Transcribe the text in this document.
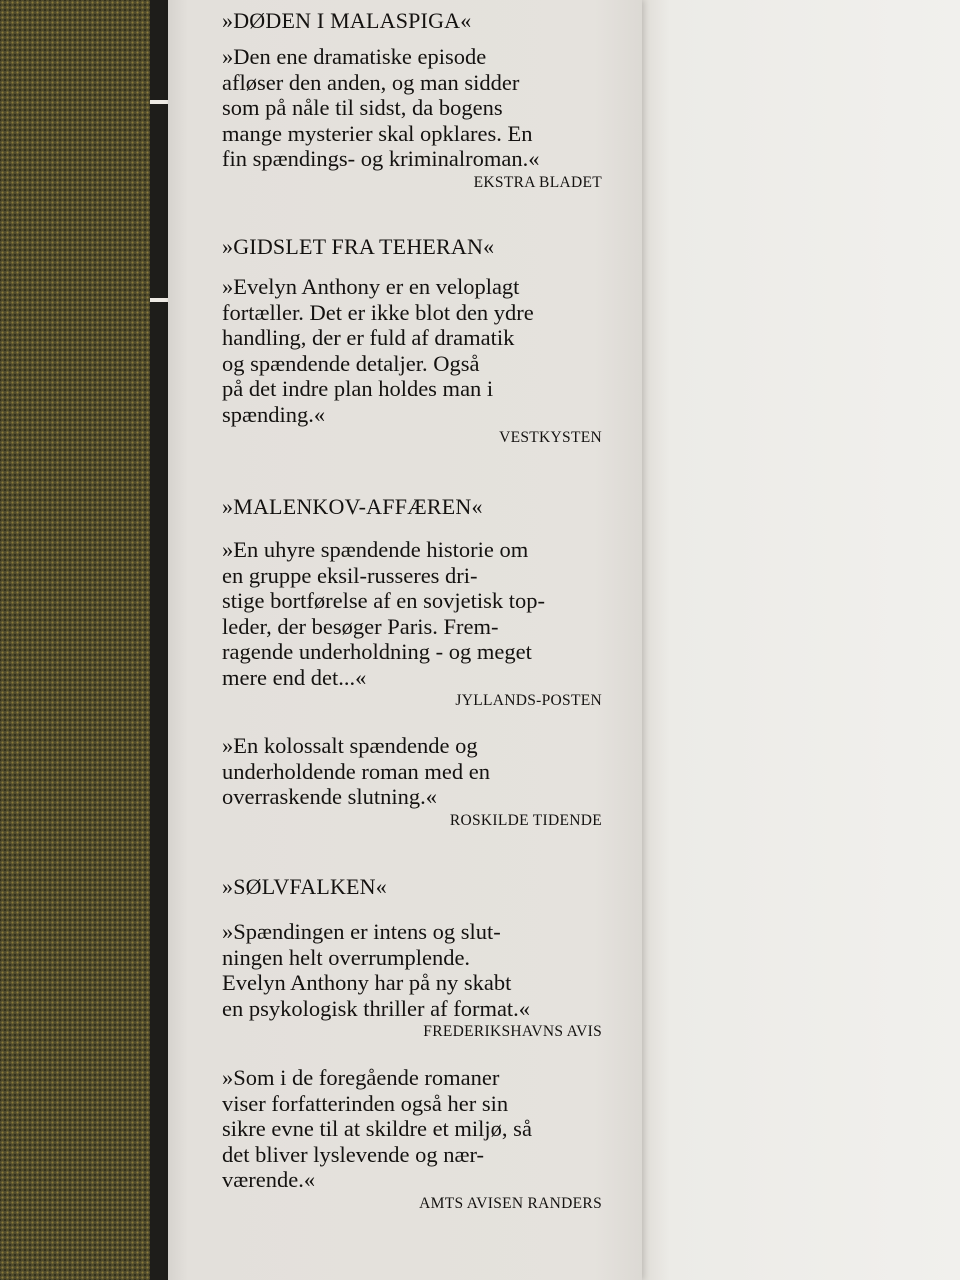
»DØDEN I MALASPIGA«
»Den ene dramatiske episode
afløser den anden, og man sidder
som på nåle til sidst, da bogens
mange mysterier skal opklares. En
fin spændings- og kriminalroman.«
EKSTRA BLADET
»GIDSLET FRA TEHERAN«
»Evelyn Anthony er en veloplagt
fortæller. Det er ikke blot den ydre
handling, der er fuld af dramatik
og spændende detaljer. Også
på det indre plan holdes man i
spænding.«
VESTKYSTEN
»MALENKOV-AFFÆREN«
»En uhyre spændende historie om
en gruppe eksil-russeres dri-
stige bortførelse af en sovjetisk top-
leder, der besøger Paris. Frem-
ragende underholdning - og meget
mere end det...«
JYLLANDS-POSTEN
»En kolossalt spændende og
underholdende roman med en
overraskende slutning.«
ROSKILDE TIDENDE
»SØLVFALKEN«
»Spændingen er intens og slut-
ningen helt overrumplende.
Evelyn Anthony har på ny skabt
en psykologisk thriller af format.«
FREDERIKSHAVNS AVIS
»Som i de foregående romaner
viser forfatterinden også her sin
sikre evne til at skildre et miljø, så
det bliver lyslevende og nær-
værende.«
AMTS AVISEN RANDERS
